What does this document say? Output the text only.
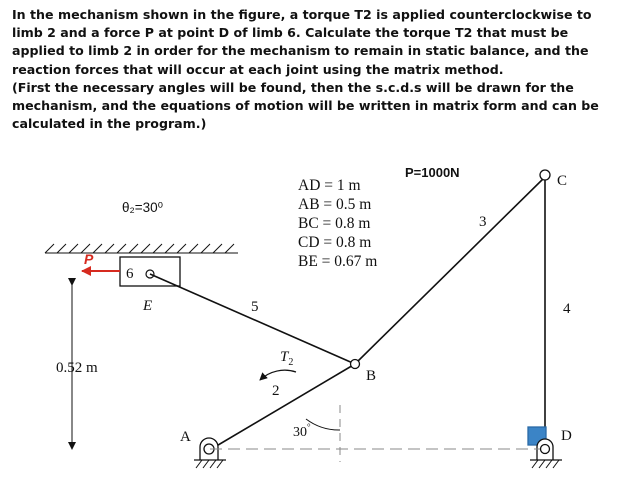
In the mechanism shown in the figure, a torque T2 is applied counterclockwise to limb 2 and a force P at point D of limb 6. Calculate the torque T2 that must be applied to limb 2 in order for the mechanism to remain in static balance, and the reaction forces that will occur at each joint using the matrix method.

(First the necessary angles will be found, then the s.c.d.s will be drawn for the mechanism, and the equations of motion will be written in matrix form and can be calculated in the program.)

6
P
5
3
4
B
C
A	D
30°
$T_2$
2
0.52 m
E
θ₂=30⁰
P=1000N
AD = 1 m
AB = 0.5 m
BC = 0.8 m
CD = 0.8 m
BE = 0.67 m
